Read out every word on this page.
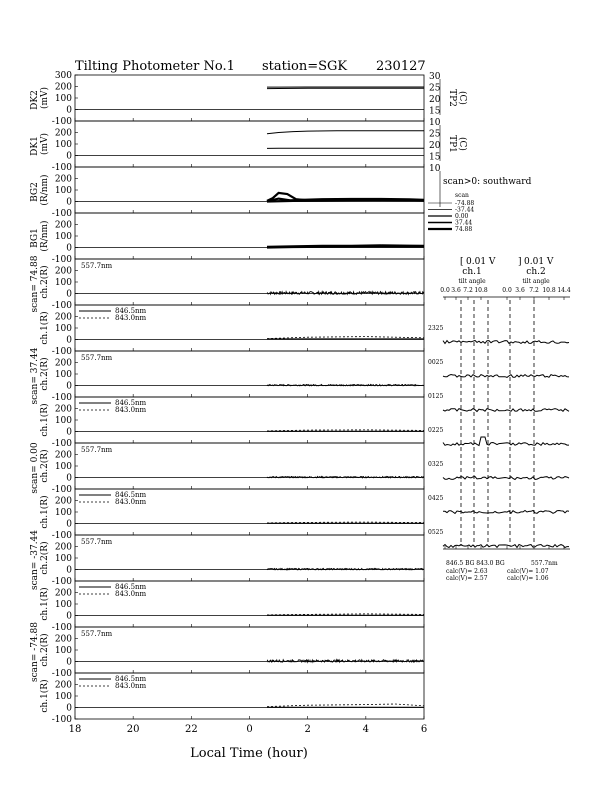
Tilting Photometer No.1 station=SGK 230127
-100
0
100
200
300
DK2 (mV)
30
25
20
15
TP2 (C)
-100
0
100
200
DK1 (mV)
10
25
20
15
TP1 (C)
-100
0
100
200
BG2 (R/nm)
10
-100
0
100
200
BG1 (R/nm)
-100
0
100
200
scan= 74.88 ch.2(R)	557.7nm
-100
0
100
200
ch.1(R)
846.5nm
843.0nm
-100
0
100
200
scan= 37.44 ch.2(R)	557.7nm
-100
0
100
200
ch.1(R)
846.5nm
843.0nm
-100
0
100
200
scan= 0.00 ch.2(R)	557.7nm
-100
0
100
200
ch.1(R)
846.5nm
843.0nm
-100
0
100
200
scan= -37.44 ch.2(R)	557.7nm
-100
0
100
200
ch.1(R)
846.5nm
843.0nm
-100
0
100
200
scan= -74.88 ch.2(R)	557.7nm
-100
0
100
200
ch.1(R)
846.5nm
843.0nm
Local Time (hour)
18	20	22	0	2	4	6
scan>0: southward
scan
-74.88
-37.44
0.00
37.44
74.88
[ 0.01 V	] 0.01 V
ch.1	ch.2
tilt angle	tilt angle
0.0 3.6 7.2 10.8 0.0 3.6 7.2 10.8 14.4
2325
0025
0125
0225
0325
0425
0525
846.5 BG 843.0 BG	557.7nm
calc(V)= 2.63
calc(V)= 2.57
calc(V)= 1.07
calc(V)= 1.06
